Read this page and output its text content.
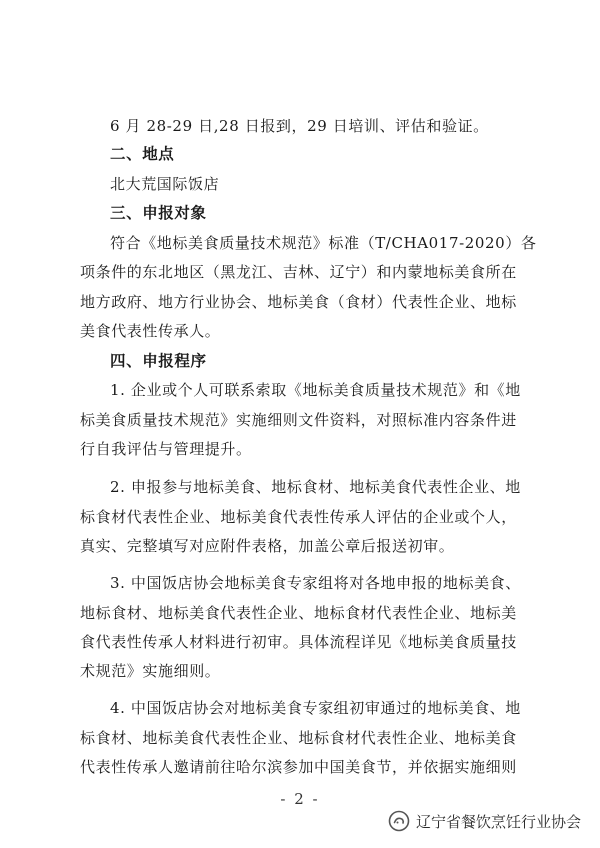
6 月 28-29 日,28 日报到，29 日培训、评估和验证。
二、地点
北大荒国际饭店
三、申报对象
符合《地标美食质量技术规范》标准（T/CHA017-2020）各
项条件的东北地区（黑龙江、吉林、辽宁）和内蒙地标美食所在
地方政府、地方行业协会、地标美食（食材）代表性企业、地标
美食代表性传承人。
四、申报程序
1. 企业或个人可联系索取《地标美食质量技术规范》和《地
标美食质量技术规范》实施细则文件资料，对照标准内容条件进
行自我评估与管理提升。
2. 申报参与地标美食、地标食材、地标美食代表性企业、地
标食材代表性企业、地标美食代表性传承人评估的企业或个人，
真实、完整填写对应附件表格，加盖公章后报送初审。
3. 中国饭店协会地标美食专家组将对各地申报的地标美食、
地标食材、地标美食代表性企业、地标食材代表性企业、地标美
食代表性传承人材料进行初审。具体流程详见《地标美食质量技
术规范》实施细则。
4. 中国饭店协会对地标美食专家组初审通过的地标美食、地
标食材、地标美食代表性企业、地标食材代表性企业、地标美食
代表性传承人邀请前往哈尔滨参加中国美食节，并依据实施细则
- 2 -
辽宁省餐饮烹饪行业协会
